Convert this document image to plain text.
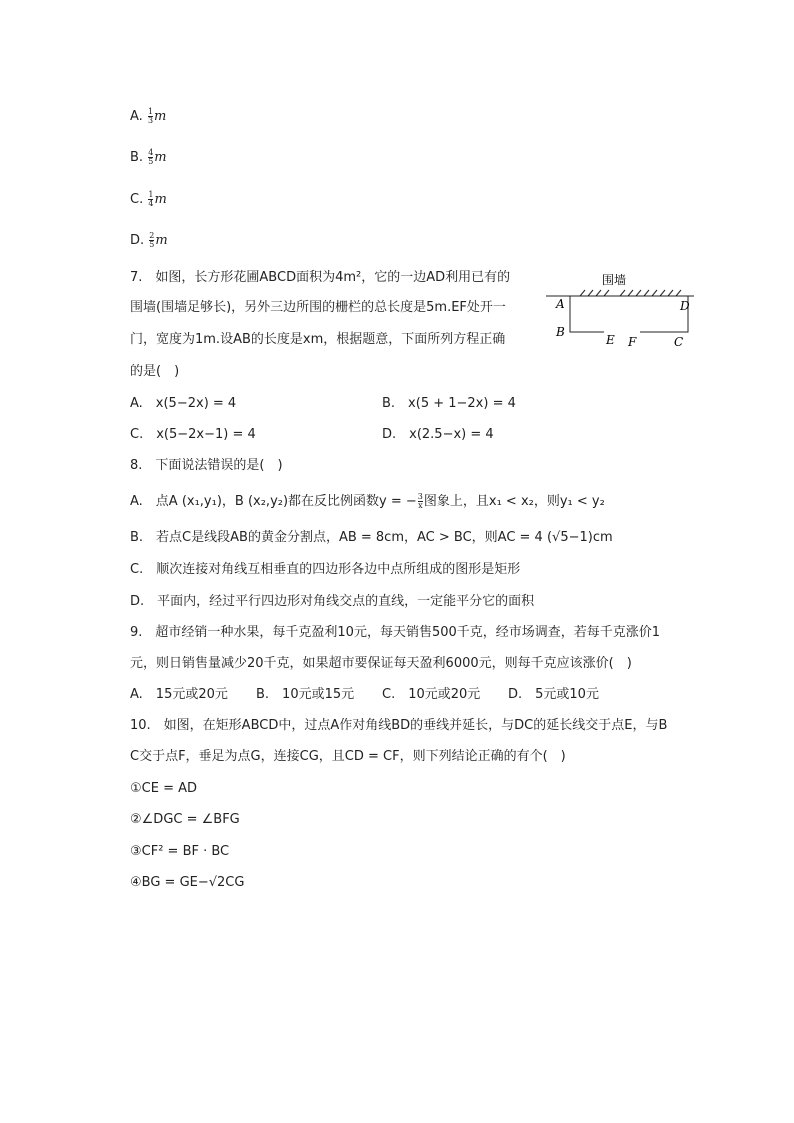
A. $\frac{1}{3}$ m
B. $\frac{4}{5}$ m
C. $\frac{1}{4}$ m
D. $\frac{2}{5}$ m
7.　如图，长方形花圃ABCD面积为4m²，它的一边AD利用已有的
围墙(围墙足够长)，另外三边所围的栅栏的总长度是5m.EF处开一
门，宽度为1m.设AB的长度是xm，根据题意，下面所列方程正确
的是(　)
围墙
A
B
D
E F	C
A.　x(5−2x) = 4	B.　x(5 + 1−2x) = 4
C.　x(5−2x−1) = 4	D.　x(2.5−x) = 4
8.　下面说法错误的是(　)
A.　点A (x₁,y₁)，B (x₂,y₂)都在反比例函数y = − $\frac{3}{x}$ 图象上，且x₁ < x₂，则y₁ < y₂
B.　若点C是线段AB的黄金分割点，AB = 8cm，AC > BC，则AC = 4 (√5−1)cm
C.　顺次连接对角线互相垂直的四边形各边中点所组成的图形是矩形
D.　平面内，经过平行四边形对角线交点的直线，一定能平分它的面积
9.　超市经销一种水果，每千克盈利10元，每天销售500千克，经市场调查，若每千克涨价1
元，则日销售量减少20千克，如果超市要保证每天盈利6000元，则每千克应该涨价(　)
A.　15元或20元 B.　10元或15元 C.　10元或20元 D.　5元或10元
10.　如图，在矩形ABCD中，过点A作对角线BD的垂线并延长，与DC的延长线交于点E，与B
C交于点F，垂足为点G，连接CG，且CD = CF，则下列结论正确的有个(　)
①CE = AD
②∠DGC = ∠BFG
③CF² = BF · BC
④BG = GE−√2CG
